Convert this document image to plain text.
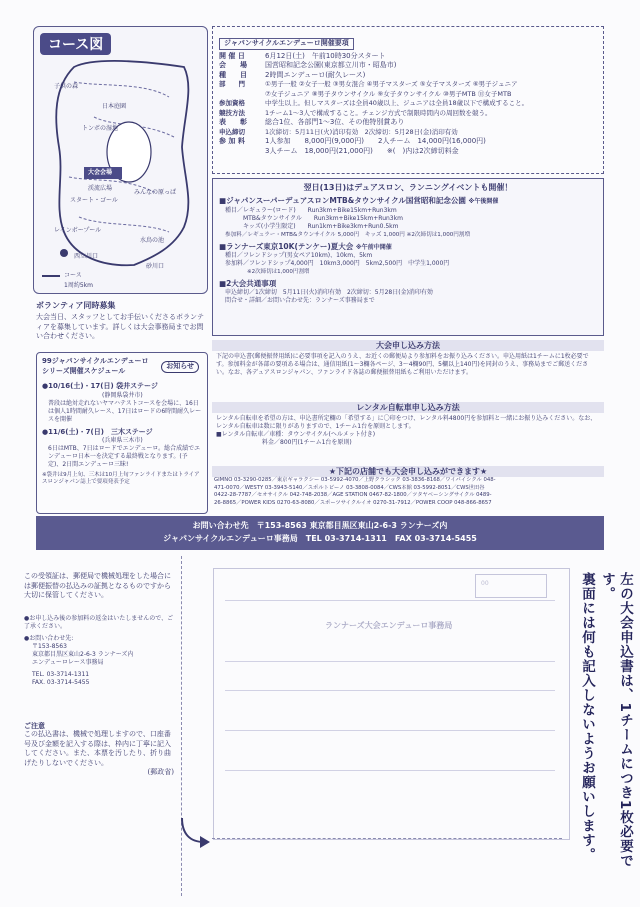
コース図
子供の森
日本庭園
トンボの湿地
大会会場
渓流広場
スタート・ゴール
みんなの原っぱ
レインボープール
水鳥の池
砂川口
西立川口
コース
1周約5km
ボランティア同時募集
大会当日、スタッフとしてお手伝いくださるボランティアを募集しています。詳しくは大会事務局までお問い合わせください。
99ジャパンサイクルエンデューロ
シリーズ開催スケジュール
お知らせ
●10/16(土)・17(日) 袋井ステージ
(静岡県袋井市)
普段は絶対走れないヤマハテストコースを会場に、16日は個人1時間耐久レース、17日はロードの6時間耐久レースを開催
●11/6(土)・7(日)　三木ステージ
(兵庫県三木市)
6日はMTB、7日はロードでエンデューロ。総合成績でエンデューロ日本一を決定する最終戦となります。(予定)、2日間エンデューロ三昧!
※袋井は9月上旬、三木は10月上旬ファンライドまたはトライアスロンジャパン誌上で要項発表予定
ジャパンサイクルエンデューロ開催要項
開 催 日	6月12日(土)　午前10時30分スタート
会　　場	国営昭和記念公園(東京都立川市・昭島市)
種　　目	2時間エンデューロ(耐久レース)
部　　門	①男子一般 ②女子一般 ③男女混合 ④男子マスターズ ⑤女子マスターズ ⑥男子ジュニア
⑦女子ジュニア ⑧男子タウンサイクル ⑨女子タウンサイクル ⑩男子MTB ⑪女子MTB
参加資格	中学生以上。但しマスターズは全員40歳以上、ジュニアは全員18歳以下で構成すること。
競技方法	1チーム1〜3人で構成すること。チェンジ方式で制限時間内の周回数を競う。
表　　彰	総合1位、各部門1〜3位、その他特別賞あり
申込締切	1次締切：5月11日(火)消印有効　2次締切：5月28日(金)消印有効
参 加 料	1人参加　　8,000円(9,000円)　　2人チーム　14,000円(16,000円)
3人チーム　18,000円(21,000円)　　※(　)内は2次締切料金
翌日(13日)はデュアスロン、ランニングイベントも開催！
■ジャパンスーパーデュアスロンMTB&タウンサイクル国営昭和記念公園 ※午後開催
種目／レギュラー(ロード)　　Run3km+Bike15km+Run3km
　　　MTB&タウンサイクル　　Run3km+Bike15km+Run3km
　　　キッズ(小学生限定)　　Run1km+Bike3km+Run0.5km
参加料／レギュラー・MTB&タウンサイクル 5,000円　キッズ 1,000円 ※2次締切は1,000円割増
■ランナーズ東京10K(テンケー)夏大会 ※午前中開催
種目／フレンドシップ(男女ペア10km)、10km、5km
参加料／フレンドシップ4,000円　10km3,000円　5km2,500円　中学生1,000円
　　　　※2次締切は1,000円割増
■2大会共通事項
申込締切／1次締切　5月11日(火)消印有効　2次締切：5月28日(金)消印有効
問合せ・詳細／お問い合わせ先：ランナーズ事務局まで
大会申し込み方法
下記の申込書(郵便振替用紙)に必要事項を記入のうえ、お近くの郵便局より参加料をお振り込みください。申込用紙は1チームに1枚必要です。参加料金が各部の要項ある場合は、通信用紙(1〜3欄各ページ、3〜4欄90円、5欄以上140円)を同封のうえ、事務局までご郵送ください。なお、各デュアスロンジャパン、ファンライド各誌の郵便振替用紙もご利用いただけます。
レンタル自転車申し込み方法
レンタル自転車を希望の方は、申込書所定欄の「希望する」に〇印をつけ、レンタル料4800円を参加料と一緒にお振り込みください。なお、レンタル自転車は数に限りがありますので、1チーム1台を原則とします。
■レンタル自転車／車種：タウンサイクル(ヘルメット付き)
料金／800円(1チーム1台を原則)
★下記の店舗でも大会申し込みができます★
GIMNO 03-3290-0285／東京ギャラクシー 03-5992-4070／上野クラシック 03-3836-8168／ワイバイシクル 048-
471-0070／WESTY 03-3943-5140／スポルトピーノ 03-3808-0084／CWS本館 03-5992-8051／CWS世田谷
0422-28-7787／セオサイクル 042-748-2038／AGE STATION 0467-82-1800／ツタヤベーシングサイクル 0489-
26-8865／POWER KIDS 0270-63-8080／スポーツサイクルイオ 0270-31-7912／POWER COOP 048-866-8657
お問い合わせ先　〒153-8563 東京都目黒区東山2-6-3 ランナーズ内
ジャパンサイクルエンデューロ事務局　TEL 03-3714-1311　FAX 03-3714-5455
この受領証は、郵便局で機械処理をした場合には郵便振替の払込みの証拠となるものですから大切に保管してください。
●お申し込み後の参加料の返金はいたしませんので、ご了承ください。
●お問い合わせ先:
〒153-8563
東京都目黒区東山2-6-3 ランナーズ内
エンデューロレース事務局
TEL. 03-3714-1311
FAX. 03-3714-5455
ご注意
この払込書は、機械で処理しますので、口座番号及び金額を記入する際は、枠内に丁寧に記入してください。また、本票を汚したり、折り曲げたりしないでください。
(郵政省)
00
ランナーズ大会エンデューロ事務局	左の大会申込書は、1チームにつき1枚必要です。
裏面には何も記入しないようお願いします。
